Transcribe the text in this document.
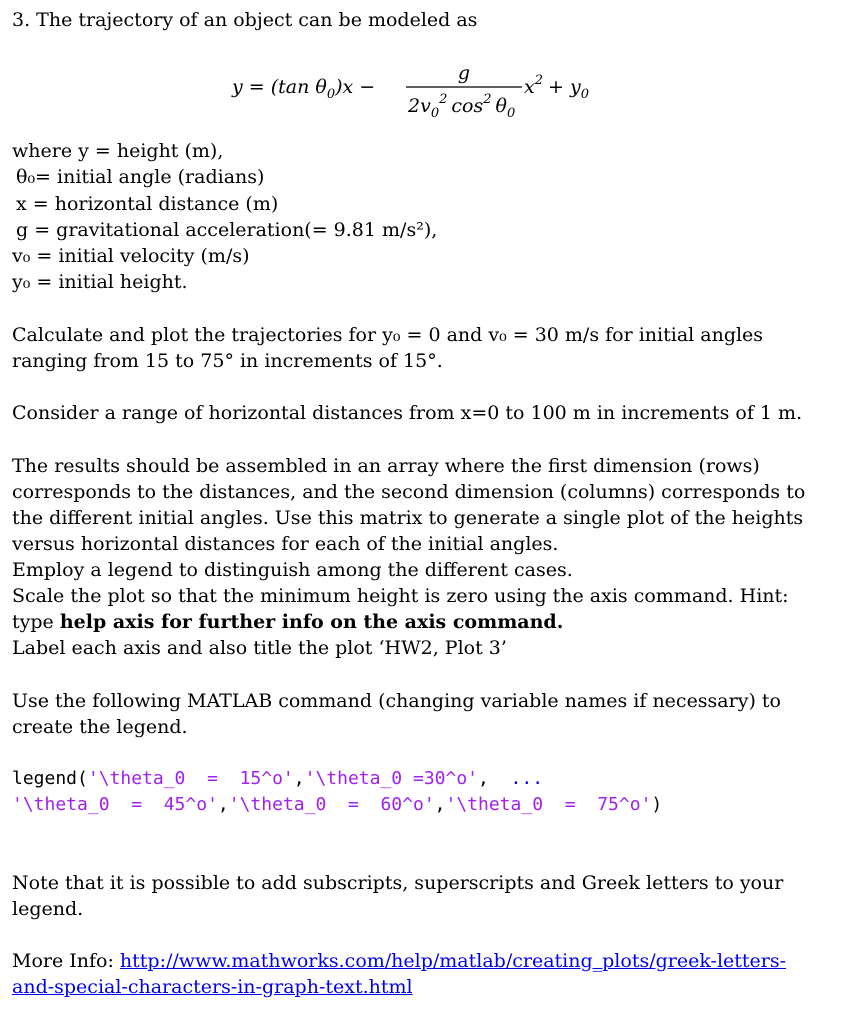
3. The trajectory of an object can be modeled as
y = (tan $\theta_0)x$ −
g
$2v_0^2$ $\cos^2 \theta_0$
$x^2 + y_0$
where y = height (m),
θ₀= initial angle (radians)
x = horizontal distance (m)
g = gravitational acceleration(= 9.81 m/s²),
v₀ = initial velocity (m/s)
y₀ = initial height.
Calculate and plot the trajectories for y₀ = 0 and v₀ = 30 m/s for initial angles
ranging from 15 to 75° in increments of 15°.
Consider a range of horizontal distances from x=0 to 100 m in increments of 1 m.
The results should be assembled in an array where the first dimension (rows)
corresponds to the distances, and the second dimension (columns) corresponds to
the different initial angles. Use this matrix to generate a single plot of the heights
versus horizontal distances for each of the initial angles.
Employ a legend to distinguish among the different cases.
Scale the plot so that the minimum height is zero using the axis command. Hint:
type help axis for further info on the axis command.
Label each axis and also title the plot ‘HW2, Plot 3’
Use the following MATLAB command (changing variable names if necessary) to
create the legend.
legend('\theta_0  =  15^o','\theta_0 =30^o',  ...
'\theta_0  =  45^o','\theta_0  =  60^o','\theta_0  =  75^o')
Note that it is possible to add subscripts, superscripts and Greek letters to your
legend.
More Info: http://www.mathworks.com/help/matlab/creating_plots/greek-letters-
and-special-characters-in-graph-text.html
